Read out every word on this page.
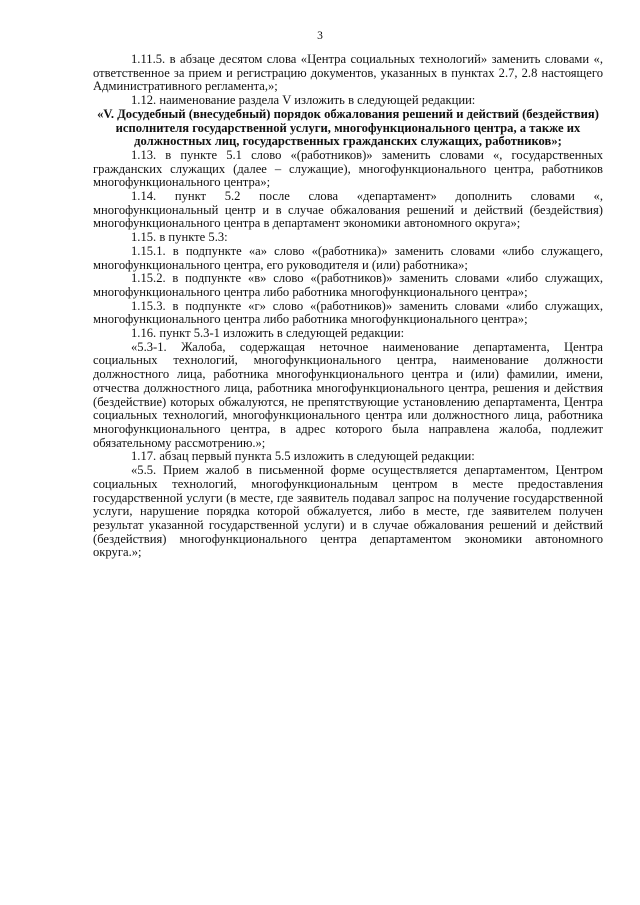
3

1.11.5. в абзаце десятом слова «Центра социальных технологий» заменить словами «, ответственное за прием и регистрацию документов, указанных в пунктах 2.7, 2.8 настоящего Административного регламента,»;

1.12. наименование раздела V изложить в следующей редакции:

«V. Досудебный (внесудебный) порядок обжалования решений и действий (бездействия) исполнителя государственной услуги, многофункционального центра, а также их должностных лиц, государственных гражданских служащих, работников»;

1.13. в пункте 5.1 слово «(работников)» заменить словами «, государственных гражданских служащих (далее – служащие), многофункционального центра, работников многофункционального центра»;

1.14. пункт 5.2 после слова «департамент» дополнить словами «, многофункциональный центр и в случае обжалования решений и действий (бездействия) многофункционального центра в департамент экономики автономного округа»;

1.15. в пункте 5.3:

1.15.1. в подпункте «а» слово «(работника)» заменить словами «либо служащего, многофункционального центра, его руководителя и (или) работника»;

1.15.2. в подпункте «в» слово «(работников)» заменить словами «либо служащих, многофункционального центра либо работника многофункционального центра»;

1.15.3. в подпункте «г» слово «(работников)» заменить словами «либо служащих, многофункционального центра либо работника многофункционального центра»;

1.16. пункт 5.3-1 изложить в следующей редакции:

«5.3-1. Жалоба, содержащая неточное наименование департамента, Центра социальных технологий, многофункционального центра, наименование должности должностного лица, работника многофункционального центра и (или) фамилии, имени, отчества должностного лица, работника многофункционального центра, решения и действия (бездействие) которых обжалуются, не препятствующие установлению департамента, Центра социальных технологий, многофункционального центра или должностного лица, работника многофункционального центра, в адрес которого была направлена жалоба, подлежит обязательному рассмотрению.»;

1.17. абзац первый пункта 5.5 изложить в следующей редакции:

«5.5. Прием жалоб в письменной форме осуществляется департаментом, Центром социальных технологий, многофункциональным центром в месте предоставления государственной услуги (в месте, где заявитель подавал запрос на получение государственной услуги, нарушение порядка которой обжалуется, либо в месте, где заявителем получен результат указанной государственной услуги) и в случае обжалования решений и действий (бездействия) многофункционального центра департаментом экономики автономного округа.»;
